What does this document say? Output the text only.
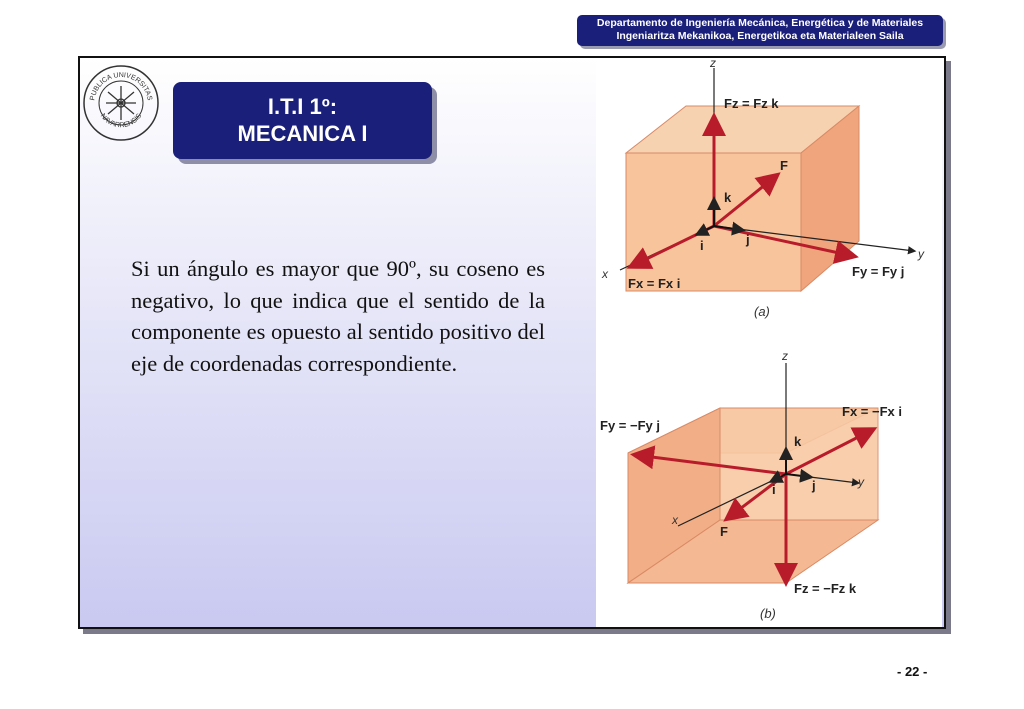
Departamento de Ingeniería Mecánica, Energética y de Materiales
Ingeniaritza Mekanikoa, Energetikoa eta Materialeen Saila
PUBLICA UNIVERSITAS
NAVARRENSIS	I.T.I 1º:
MECANICA I

Si un ángulo es mayor que 90º, su coseno es negativo, lo que indica que el sentido de la componente es opuesto al sentido positivo del eje de coordenadas correspondiente.

z
Fz = Fz k
F
k
j
i
y
Fy = Fy j
x
Fx = Fx i
(a)
z
Fx = −Fx i
Fy = −Fy j
k
y
j
i
x
F
Fz = −Fz k
(b)
- 22 -
